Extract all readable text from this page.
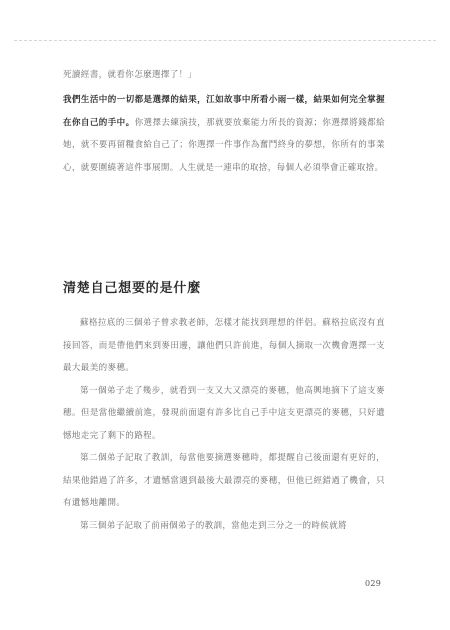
死讀經書，就看你怎麼選擇了！」

我們生活中的一切都是選擇的結果，江如故事中所看小雨一樣，結果如何完全掌握在你自己的手中。你選擇去練演技，那就要放棄能力所長的資源；你選擇將錢都給她，就不要再留糧食給自己了；你選擇一件事作為奮鬥終身的夢想，你所有的事業心，就要圍繞著這件事展開。人生就是一連串的取捨，每個人必須學會正確取捨。

清楚自己想要的是什麼

蘇格拉底的三個弟子曾求教老師，怎樣才能找到理想的伴侶。蘇格拉底沒有直接回答，而是帶他們來到麥田邊，讓他們只許前進，每個人摘取一次機會選擇一支最大最美的麥穗。

第一個弟子走了幾步，就看到一支又大又漂亮的麥穗，他高興地摘下了這支麥穗。但是當他繼續前進，發現前面還有許多比自己手中這支更漂亮的麥穗，只好遺憾地走完了剩下的路程。

第二個弟子記取了教訓，每當他要摘選麥穗時，都提醒自己後面還有更好的，結果他錯過了許多，才遺憾當遇到最後大最漂亮的麥穗，但他已經錯過了機會，只有遺憾地離開。

第三個弟子記取了前兩個弟子的教訓，當他走到三分之一的時候就將

029
